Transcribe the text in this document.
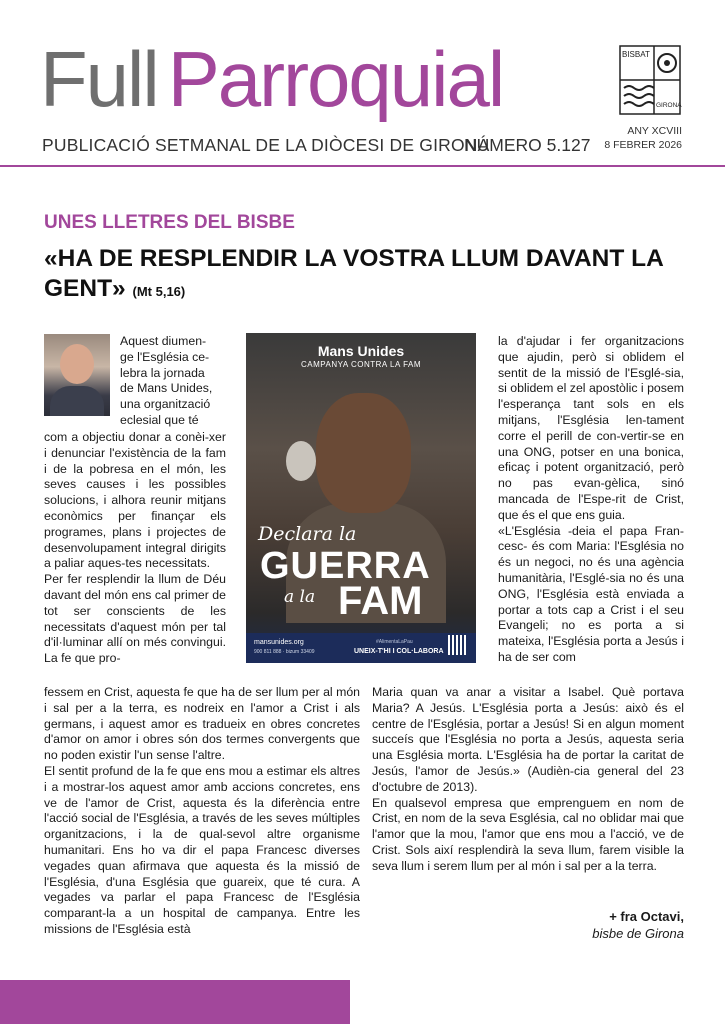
Full Parroquial
PUBLICACIÓ SETMANAL DE LA DIÒCESI DE GIRONA
NÚMERO 5.127
BISBAT
GIRONA
ANY XCVIII
8 FEBRER 2026
UNES LLETRES DEL BISBE
«HA DE RESPLENDIR LA VOSTRA LLUM DAVANT LA GENT» (Mt 5,16)
Aquest diumen-
ge l'Església ce-
lebra la jornada
de Mans Unides,
una organització
eclesial que té

com a objectiu donar a conèi-xer i denunciar l'existència de la fam i de la pobresa en el món, les seves causes i les possibles solucions, i alhora reunir mitjans econòmics per finançar els programes, plans i projectes de desenvolupament integral dirigits a paliar aques-tes necessitats.

Per fer resplendir la llum de Déu davant del món ens cal primer de tot ser conscients de les necessitats d'aquest món per tal d'il·luminar allí on més convingui. La fe que pro-

Mans Unides
CAMPANYA CONTRA LA FAM
Declara la
GUERRA
a la FAM
mansunides.org
900 811 888 · bizum 33409
#AlimentaLaPau
UNEIX-T'HI I COL·LABORA

fessem en Crist, aquesta fe que ha de ser llum per al món i sal per a la terra, es nodreix en l'amor a Crist i als germans, i aquest amor es tradueix en obres concretes d'amor on amor i obres són dos termes convergents que no poden existir l'un sense l'altre.

El sentit profund de la fe que ens mou a estimar els altres i a mostrar-los aquest amor amb accions concretes, ens ve de l'amor de Crist, aquesta és la diferència entre l'acció social de l'Església, a través de les seves múltiples organitzacions, i la de qual-sevol altre organisme humanitari. Ens ho va dir el papa Francesc diverses vegades quan afirmava que aquesta és la missió de l'Església, d'una Església que guareix, que té cura. A vegades va parlar el papa Francesc de l'Església comparant-la a un hospital de campanya. Entre les missions de l'Església està

la d'ajudar i fer organitzacions que ajudin, però si oblidem el sentit de la missió de l'Esglé-sia, si oblidem el zel apostòlic i posem l'esperança tant sols en els mitjans, l'Església len-tament corre el perill de con-vertir-se en una ONG, potser en una bonica, eficaç i potent organització, però no pas evan-gèlica, sinó mancada de l'Espe-rit de Crist, que és el que ens guia.

«L'Església -deia el papa Fran-cesc- és com Maria: l'Església no és un negoci, no és una agència humanitària, l'Esglé-sia no és una ONG, l'Església està enviada a portar a tots cap a Crist i el seu Evangeli; no es porta a si mateixa, l'Església porta a Jesús i ha de ser com

Maria quan va anar a visitar a Isabel. Què portava Maria? A Jesús. L'Església porta a Jesús: això és el centre de l'Església, portar a Jesús! Si en algun moment succeís que l'Església no porta a Jesús, aquesta seria una Església morta. L'Església ha de portar la caritat de Jesús, l'amor de Jesús.» (Audièn-cia general del 23 d'octubre de 2013).

En qualsevol empresa que emprenguem en nom de Crist, en nom de la seva Església, cal no oblidar mai que l'amor que la mou, l'amor que ens mou a l'acció, ve de Crist. Sols així resplendirà la seva llum, farem visible la seva llum i serem llum per al món i sal per a la terra.

+ fra Octavi,
bisbe de Girona
